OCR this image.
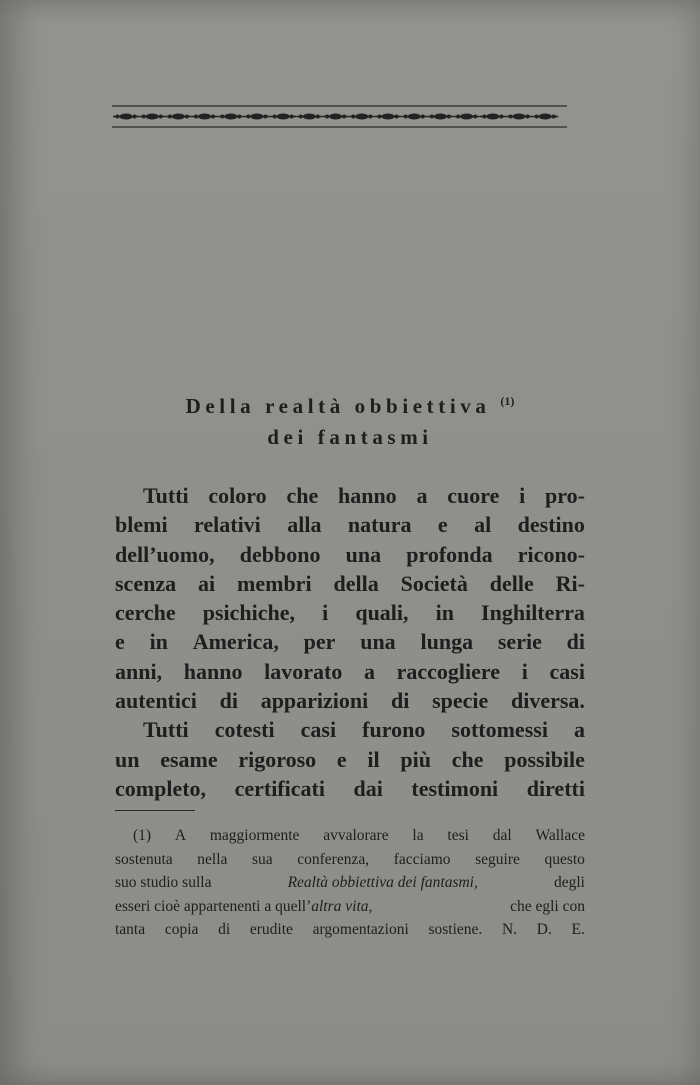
Della realtà obbiettiva $^{(1)}$
dei fantasmi
Tutti coloro che hanno a cuore i pro-
blemi relativi alla natura e al destino
dell’uomo, debbono una profonda ricono-
scenza ai membri della Società delle Ri-
cerche psichiche, i quali, in Inghilterra
e in America, per una lunga serie di
anni, hanno lavorato a raccogliere i casi
autentici di apparizioni di specie diversa.
Tutti cotesti casi furono sottomessi a
un esame rigoroso e il più che possibile
completo, certificati dai testimoni diretti
(1) A maggiormente avvalorare la tesi dal Wallace
sostenuta nella sua conferenza, facciamo seguire questo
suo studio sulla	Realtà obbiettiva dei fantasmi,	degli
esseri cioè appartenenti a quell’altra vita,	che egli con
tanta copia di erudite argomentazioni sostiene. N. D. E.
